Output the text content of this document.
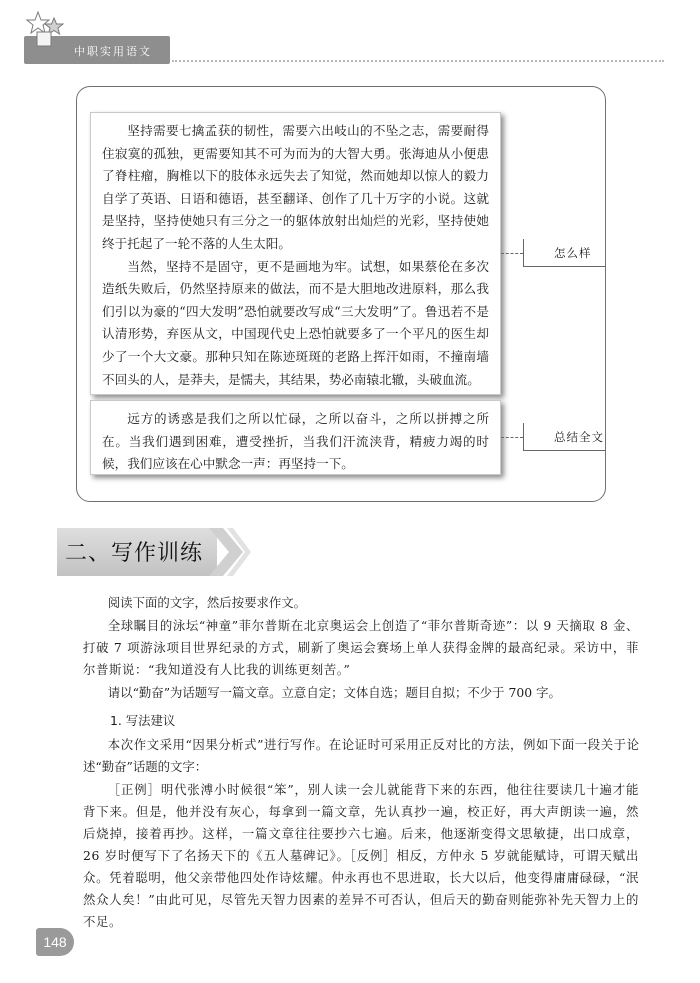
中职实用语文

坚持需要七擒孟获的韧性，需要六出岐山的不坠之志，需要耐得住寂寞的孤独，更需要知其不可为而为的大智大勇。张海迪从小便患了脊柱瘤，胸椎以下的肢体永远失去了知觉，然而她却以惊人的毅力自学了英语、日语和德语，甚至翻译、创作了几十万字的小说。这就是坚持，坚持使她只有三分之一的躯体放射出灿烂的光彩，坚持使她终于托起了一轮不落的人生太阳。

当然，坚持不是固守，更不是画地为牢。试想，如果蔡伦在多次造纸失败后，仍然坚持原来的做法，而不是大胆地改进原料，那么我们引以为豪的“四大发明”恐怕就要改写成“三大发明”了。鲁迅若不是认清形势，弃医从文，中国现代史上恐怕就要多了一个平凡的医生却少了一个大文豪。那种只知在陈迹斑斑的老路上挥汗如雨，不撞南墙不回头的人，是莽夫，是懦夫，其结果，势必南辕北辙，头破血流。

怎么样

远方的诱惑是我们之所以忙碌，之所以奋斗，之所以拼搏之所在。当我们遇到困难，遭受挫折，当我们汗流浃背，精疲力竭的时候，我们应该在心中默念一声：再坚持一下。

总结全文
二、写作训练

阅读下面的文字，然后按要求作文。

全球瞩目的泳坛“神童”菲尔普斯在北京奥运会上创造了“菲尔普斯奇迹”：以 9 天摘取 8 金、打破 7 项游泳项目世界纪录的方式，刷新了奥运会赛场上单人获得金牌的最高纪录。采访中，菲尔普斯说：“我知道没有人比我的训练更刻苦。”

请以“勤奋”为话题写一篇文章。立意自定；文体自选；题目自拟；不少于 700 字。

1. 写法建议

本次作文采用“因果分析式”进行写作。在论证时可采用正反对比的方法，例如下面一段关于论述“勤奋”话题的文字：

［正例］明代张溥小时候很“笨”，别人读一会儿就能背下来的东西，他往往要读几十遍才能背下来。但是，他并没有灰心，每拿到一篇文章，先认真抄一遍，校正好，再大声朗读一遍，然后烧掉，接着再抄。这样，一篇文章往往要抄六七遍。后来，他逐渐变得文思敏捷，出口成章，26 岁时便写下了名扬天下的《五人墓碑记》。［反例］相反，方仲永 5 岁就能赋诗，可谓天赋出众。凭着聪明，他父亲带他四处作诗炫耀。仲永再也不思进取，长大以后，他变得庸庸碌碌，“泯然众人矣！”由此可见，尽管先天智力因素的差异不可否认，但后天的勤奋则能弥补先天智力上的不足。

148
